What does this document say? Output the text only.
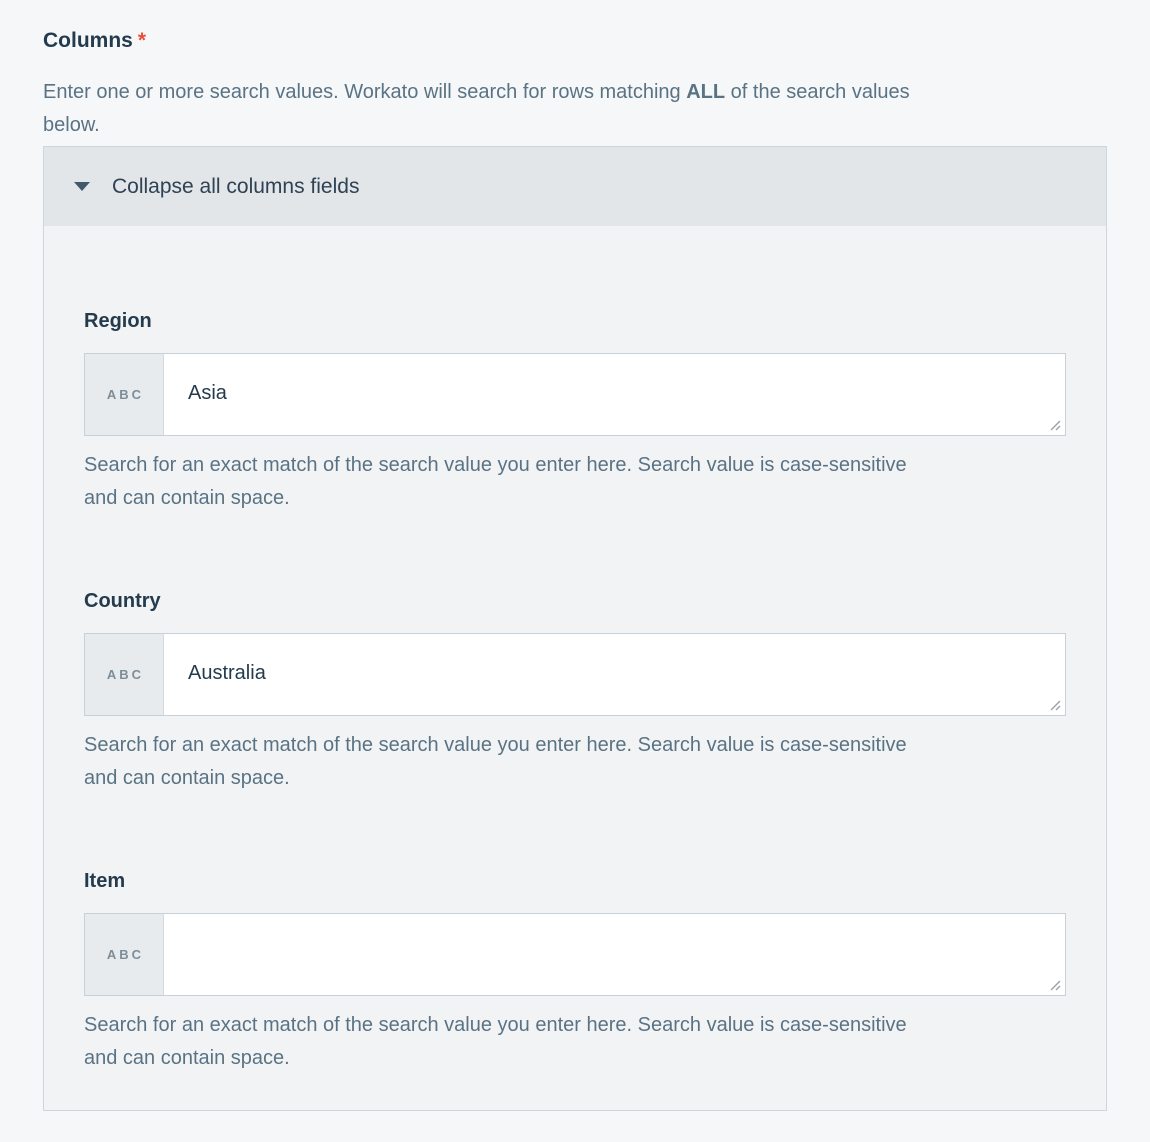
Columns *
Enter one or more search values. Workato will search for rows matching ALL of the search values
below.
Collapse all columns fields
Region
ABC
Asia
Search for an exact match of the search value you enter here. Search value is case-sensitive
and can contain space.
Country
ABC
Australia
Search for an exact match of the search value you enter here. Search value is case-sensitive
and can contain space.
Item
ABC
Search for an exact match of the search value you enter here. Search value is case-sensitive
and can contain space.
